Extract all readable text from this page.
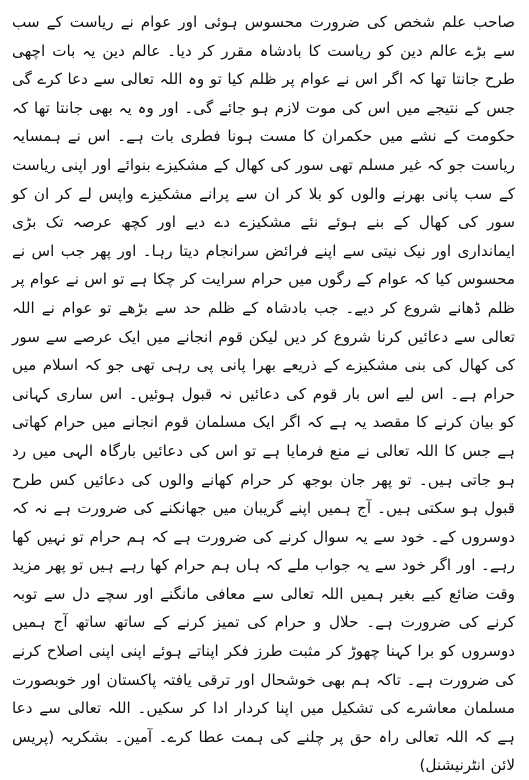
صاحب علم شخص کی ضرورت محسوس ہوئی اور عوام نے ریاست کے سب سے بڑے عالم دین کو ریاست کا بادشاہ مقرر کر دیا۔ عالم دین یہ بات اچھی طرح جانتا تھا کہ اگر اس نے عوام پر ظلم کیا تو وہ اللہ تعالی سے دعا کرے گی جس کے نتیجے میں اس کی موت لازم ہو جائے گی۔ اور وہ یہ بھی جانتا تھا کہ حکومت کے نشے میں حکمران کا مست ہونا فطری بات ہے۔ اس نے ہمسایہ ریاست جو کہ غیر مسلم تھی سور کی کھال کے مشکیزے بنوائے اور اپنی ریاست کے سب پانی بھرنے والوں کو بلا کر ان سے پرانے مشکیزے واپس لے کر ان کو سور کی کھال کے بنے ہوئے نئے مشکیزے دے دیے اور کچھ عرصہ تک بڑی ایمانداری اور نیک نیتی سے اپنے فرائض سرانجام دیتا رہا۔ اور پھر جب اس نے محسوس کیا کہ عوام کے رگوں میں حرام سرایت کر چکا ہے تو اس نے عوام پر ظلم ڈھانے شروع کر دیے۔ جب بادشاہ کے ظلم حد سے بڑھے تو عوام نے اللہ تعالی سے دعائیں کرنا شروع کر دیں لیکن قوم انجانے میں ایک عرصے سے سور کی کھال کی بنی مشکیزے کے ذریعے بھرا پانی پی رہی تھی جو کہ اسلام میں حرام ہے۔ اس لیے اس بار قوم کی دعائیں نہ قبول ہوئیں۔ اس ساری کہانی کو بیان کرنے کا مقصد یہ ہے کہ اگر ایک مسلمان قوم انجانے میں حرام کھاتی ہے جس کا اللہ تعالی نے منع فرمایا ہے تو اس کی دعائیں بارگاہ الہی میں رد ہو جاتی ہیں۔ تو پھر جان بوجھ کر حرام کھانے والوں کی دعائیں کس طرح قبول ہو سکتی ہیں۔ آج ہمیں اپنے گریبان میں جھانکنے کی ضرورت ہے نہ کہ دوسروں کے۔ خود سے یہ سوال کرنے کی ضرورت ہے کہ ہم حرام تو نہیں کھا رہے۔ اور اگر خود سے یہ جواب ملے کہ ہاں ہم حرام کھا رہے ہیں تو پھر مزید وقت ضائع کیے بغیر ہمیں اللہ تعالی سے معافی مانگنے اور سچے دل سے توبہ کرنے کی ضرورت ہے۔ حلال و حرام کی تمیز کرنے کے ساتھ ساتھ آج ہمیں دوسروں کو برا کہنا چھوڑ کر مثبت طرز فکر اپناتے ہوئے اپنی اپنی اصلاح کرنے کی ضرورت ہے۔ تاکہ ہم بھی خوشحال اور ترقی یافتہ پاکستان اور خوبصورت مسلمان معاشرے کی تشکیل میں اپنا کردار ادا کر سکیں۔ اللہ تعالی سے دعا ہے کہ اللہ تعالی راہ حق پر چلنے کی ہمت عطا کرے۔ آمین۔ بشکریہ (پریس لائن انٹرنیشنل)
